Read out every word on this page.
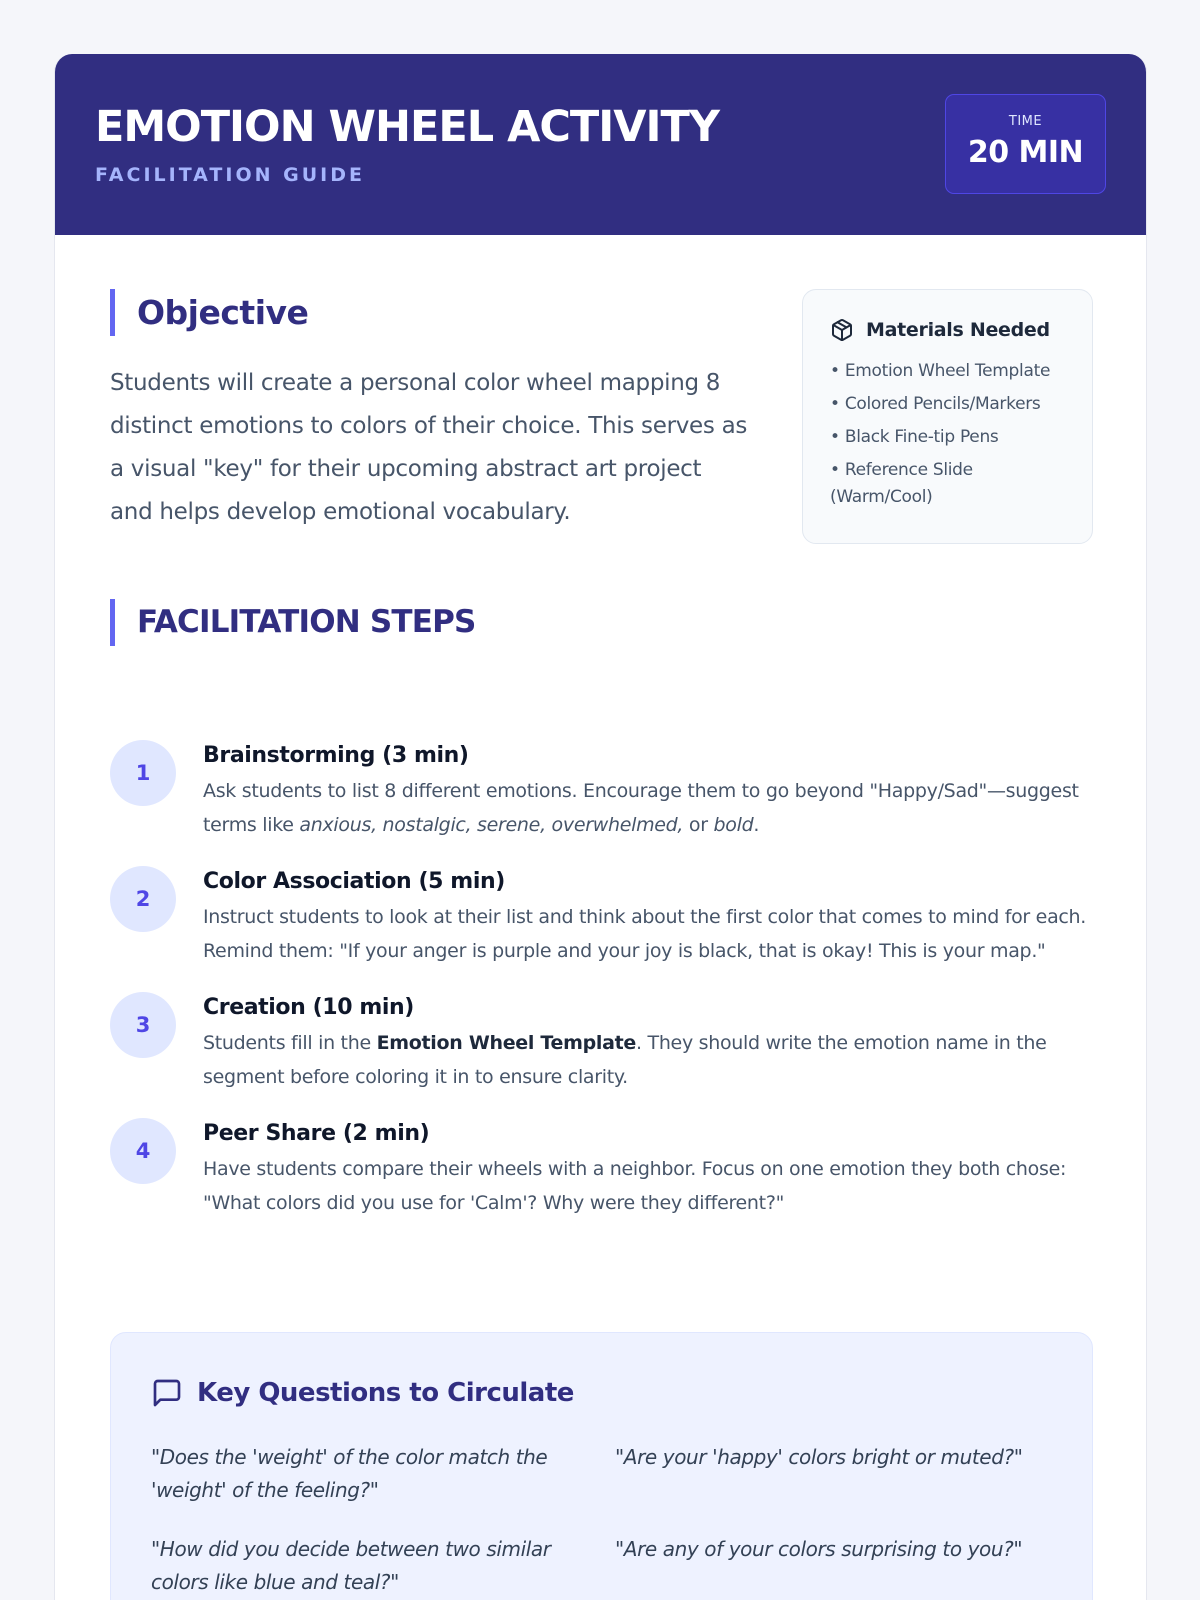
EMOTION WHEEL ACTIVITY
FACILITATION GUIDE
TIME
20 MIN
Objective

Students will create a personal color wheel mapping 8 distinct emotions to colors of their choice. This serves as a visual "key" for their upcoming abstract art project and helps develop emotional vocabulary.

Materials Needed
• Emotion Wheel Template
• Colored Pencils/Markers
• Black Fine-tip Pens
• Reference Slide (Warm/Cool)
FACILITATION STEPS
1
Brainstorming (3 min)

Ask students to list 8 different emotions. Encourage them to go beyond "Happy/Sad"—suggest terms like anxious, nostalgic, serene, overwhelmed, or bold.

2
Color Association (5 min)

Instruct students to look at their list and think about the first color that comes to mind for each. Remind them: "If your anger is purple and your joy is black, that is okay! This is your map."

3
Creation (10 min)

Students fill in the Emotion Wheel Template. They should write the emotion name in the segment before coloring it in to ensure clarity.

4
Peer Share (2 min)

Have students compare their wheels with a neighbor. Focus on one emotion they both chose: "What colors did you use for 'Calm'? Why were they different?"

Key Questions to Circulate
"Does the 'weight' of the color match the 'weight' of the feeling?"
"Are your 'happy' colors bright or muted?"
"How did you decide between two similar colors like blue and teal?"
"Are any of your colors surprising to you?"
